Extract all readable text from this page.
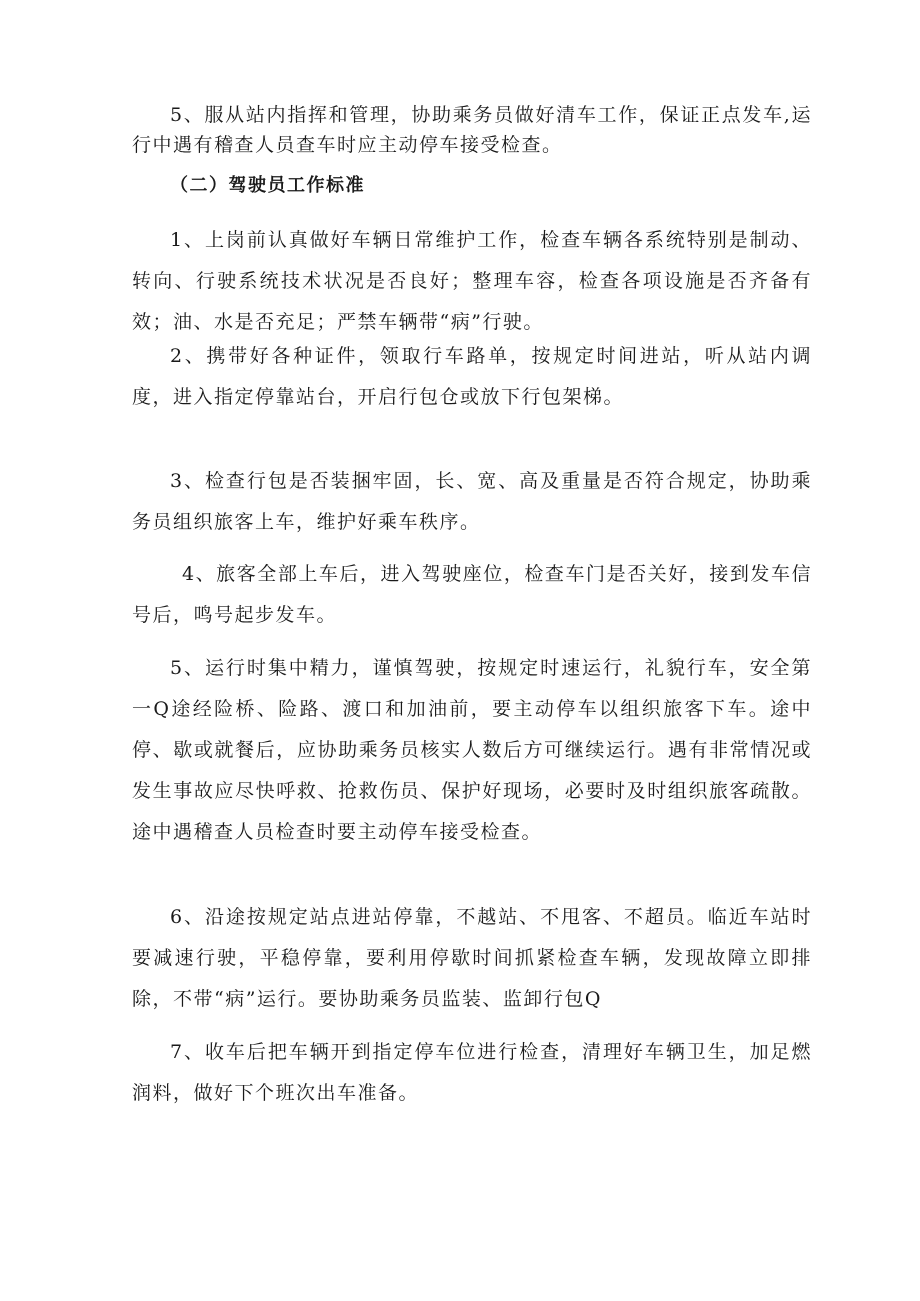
5、服从站内指挥和管理，协助乘务员做好清车工作，保证正点发车,运行中遇有稽查人员查车时应主动停车接受检查。

（二）驾驶员工作标准

1、上岗前认真做好车辆日常维护工作，检查车辆各系统特别是制动、转向、行驶系统技术状况是否良好；整理车容，检查各项设施是否齐备有效；油、水是否充足；严禁车辆带“病”行驶。

2、携带好各种证件，领取行车路单，按规定时间进站，听从站内调度，进入指定停靠站台，开启行包仓或放下行包架梯。

3、检查行包是否装捆牢固，长、宽、高及重量是否符合规定，协助乘务员组织旅客上车，维护好乘车秩序。

4、旅客全部上车后，进入驾驶座位，检查车门是否关好，接到发车信号后，鸣号起步发车。

5、运行时集中精力，谨慎驾驶，按规定时速运行，礼貌行车，安全第一Q途经险桥、险路、渡口和加油前，要主动停车以组织旅客下车。途中停、歇或就餐后，应协助乘务员核实人数后方可继续运行。遇有非常情况或发生事故应尽快呼救、抢救伤员、保护好现场，必要时及时组织旅客疏散。途中遇稽查人员检查时要主动停车接受检查。

6、沿途按规定站点进站停靠，不越站、不甩客、不超员。临近车站时要减速行驶，平稳停靠，要利用停歇时间抓紧检查车辆，发现故障立即排除，不带“病”运行。要协助乘务员监装、监卸行包Q

7、收车后把车辆开到指定停车位进行检查，清理好车辆卫生，加足燃润料，做好下个班次出车准备。
